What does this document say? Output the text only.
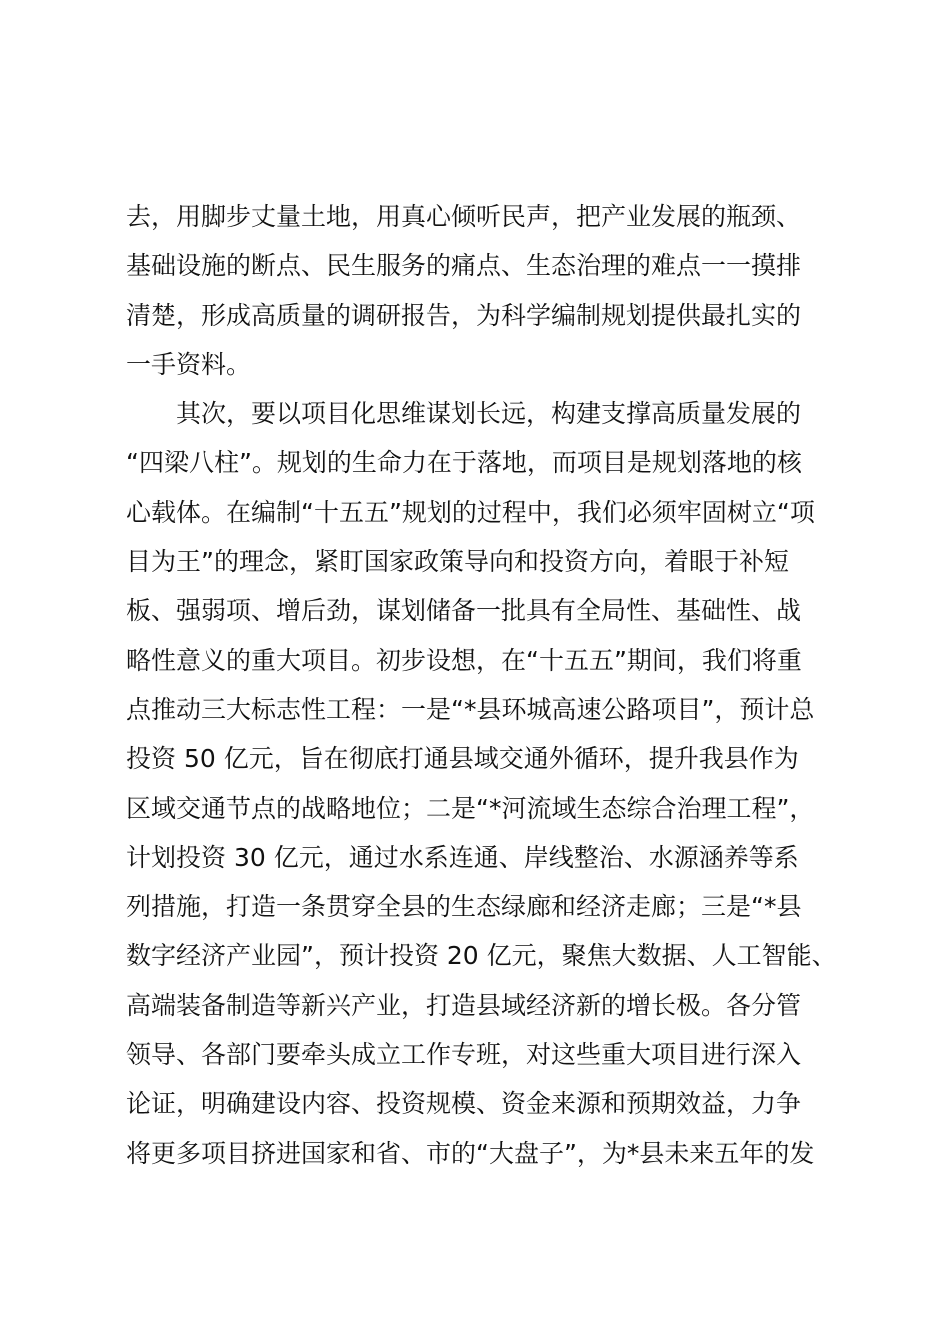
去，用脚步丈量土地，用真心倾听民声，把产业发展的瓶颈、
基础设施的断点、民生服务的痛点、生态治理的难点一一摸排
清楚，形成高质量的调研报告，为科学编制规划提供最扎实的
一手资料。
其次，要以项目化思维谋划长远，构建支撑高质量发展的
“四梁八柱”。规划的生命力在于落地，而项目是规划落地的核
心载体。在编制“十五五”规划的过程中，我们必须牢固树立“项
目为王”的理念，紧盯国家政策导向和投资方向，着眼于补短
板、强弱项、增后劲，谋划储备一批具有全局性、基础性、战
略性意义的重大项目。初步设想，在“十五五”期间，我们将重
点推动三大标志性工程：一是“*县环城高速公路项目”，预计总
投资 50 亿元，旨在彻底打通县域交通外循环，提升我县作为
区域交通节点的战略地位；二是“*河流域生态综合治理工程”，
计划投资 30 亿元，通过水系连通、岸线整治、水源涵养等系
列措施，打造一条贯穿全县的生态绿廊和经济走廊；三是“*县
数字经济产业园”，预计投资 20 亿元，聚焦大数据、人工智能、
高端装备制造等新兴产业，打造县域经济新的增长极。各分管
领导、各部门要牵头成立工作专班，对这些重大项目进行深入
论证，明确建设内容、投资规模、资金来源和预期效益，力争
将更多项目挤进国家和省、市的“大盘子”，为*县未来五年的发
